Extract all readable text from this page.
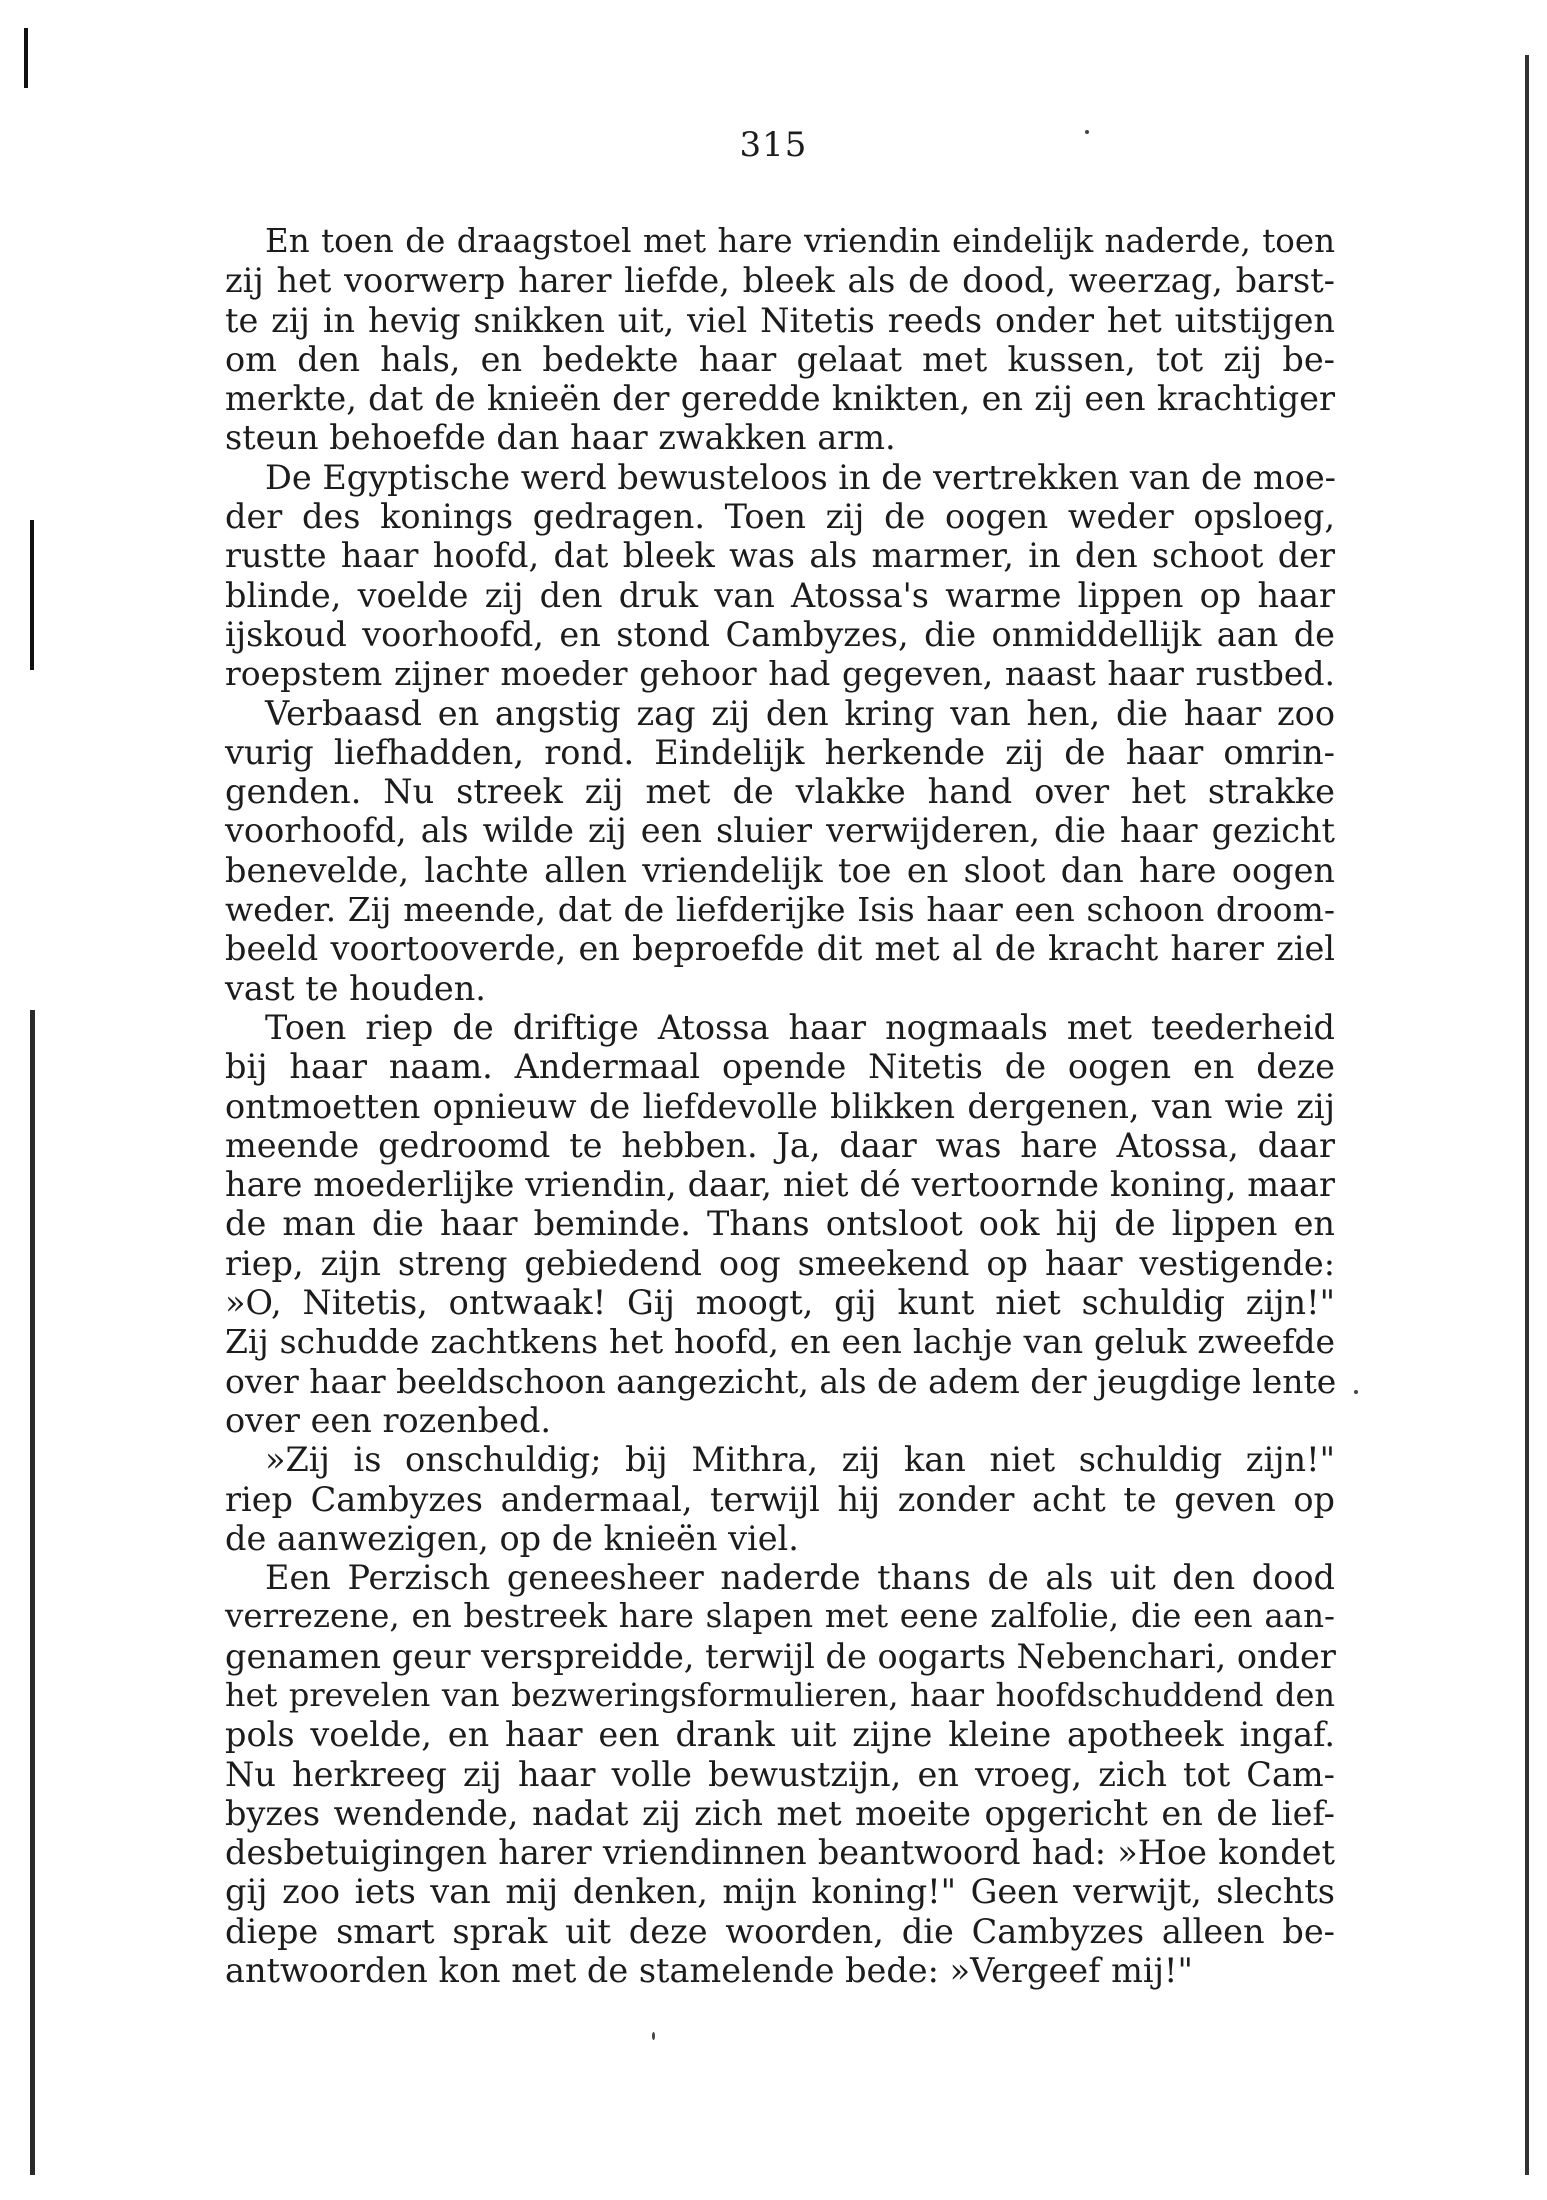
315
En toen de draagstoel met hare vriendin eindelijk naderde, toen
zij het voorwerp harer liefde, bleek als de dood, weerzag, barst-
te zij in hevig snikken uit, viel Nitetis reeds onder het uitstijgen
om den hals, en bedekte haar gelaat met kussen, tot zij be-
merkte, dat de knieën der geredde knikten, en zij een krachtiger
steun behoefde dan haar zwakken arm.
De Egyptische werd bewusteloos in de vertrekken van de moe-
der des konings gedragen. Toen zij de oogen weder opsloeg,
rustte haar hoofd, dat bleek was als marmer, in den schoot der
blinde, voelde zij den druk van Atossa's warme lippen op haar
ijskoud voorhoofd, en stond Cambyzes, die onmiddellijk aan de
roepstem zijner moeder gehoor had gegeven, naast haar rustbed.
Verbaasd en angstig zag zij den kring van hen, die haar zoo
vurig liefhadden, rond. Eindelijk herkende zij de haar omrin-
genden. Nu streek zij met de vlakke hand over het strakke
voorhoofd, als wilde zij een sluier verwijderen, die haar gezicht
benevelde, lachte allen vriendelijk toe en sloot dan hare oogen
weder. Zij meende, dat de liefderijke Isis haar een schoon droom-
beeld voortooverde, en beproefde dit met al de kracht harer ziel
vast te houden.
Toen riep de driftige Atossa haar nogmaals met teederheid
bij haar naam. Andermaal opende Nitetis de oogen en deze
ontmoetten opnieuw de liefdevolle blikken dergenen, van wie zij
meende gedroomd te hebben. Ja, daar was hare Atossa, daar
hare moederlijke vriendin, daar, niet dé vertoornde koning, maar
de man die haar beminde. Thans ontsloot ook hij de lippen en
riep, zijn streng gebiedend oog smeekend op haar vestigende:
»O, Nitetis, ontwaak! Gij moogt, gij kunt niet schuldig zijn!"
Zij schudde zachtkens het hoofd, en een lachje van geluk zweefde
over haar beeldschoon aangezicht, als de adem der jeugdige lente
over een rozenbed.
»Zij is onschuldig; bij Mithra, zij kan niet schuldig zijn!"
riep Cambyzes andermaal, terwijl hij zonder acht te geven op
de aanwezigen, op de knieën viel.
Een Perzisch geneesheer naderde thans de als uit den dood
verrezene, en bestreek hare slapen met eene zalfolie, die een aan-
genamen geur verspreidde, terwijl de oogarts Nebenchari, onder
het prevelen van bezweringsformulieren, haar hoofdschuddend den
pols voelde, en haar een drank uit zijne kleine apotheek ingaf.
Nu herkreeg zij haar volle bewustzijn, en vroeg, zich tot Cam-
byzes wendende, nadat zij zich met moeite opgericht en de lief-
desbetuigingen harer vriendinnen beantwoord had: »Hoe kondet
gij zoo iets van mij denken, mijn koning!" Geen verwijt, slechts
diepe smart sprak uit deze woorden, die Cambyzes alleen be-
antwoorden kon met de stamelende bede: »Vergeef mij!"
